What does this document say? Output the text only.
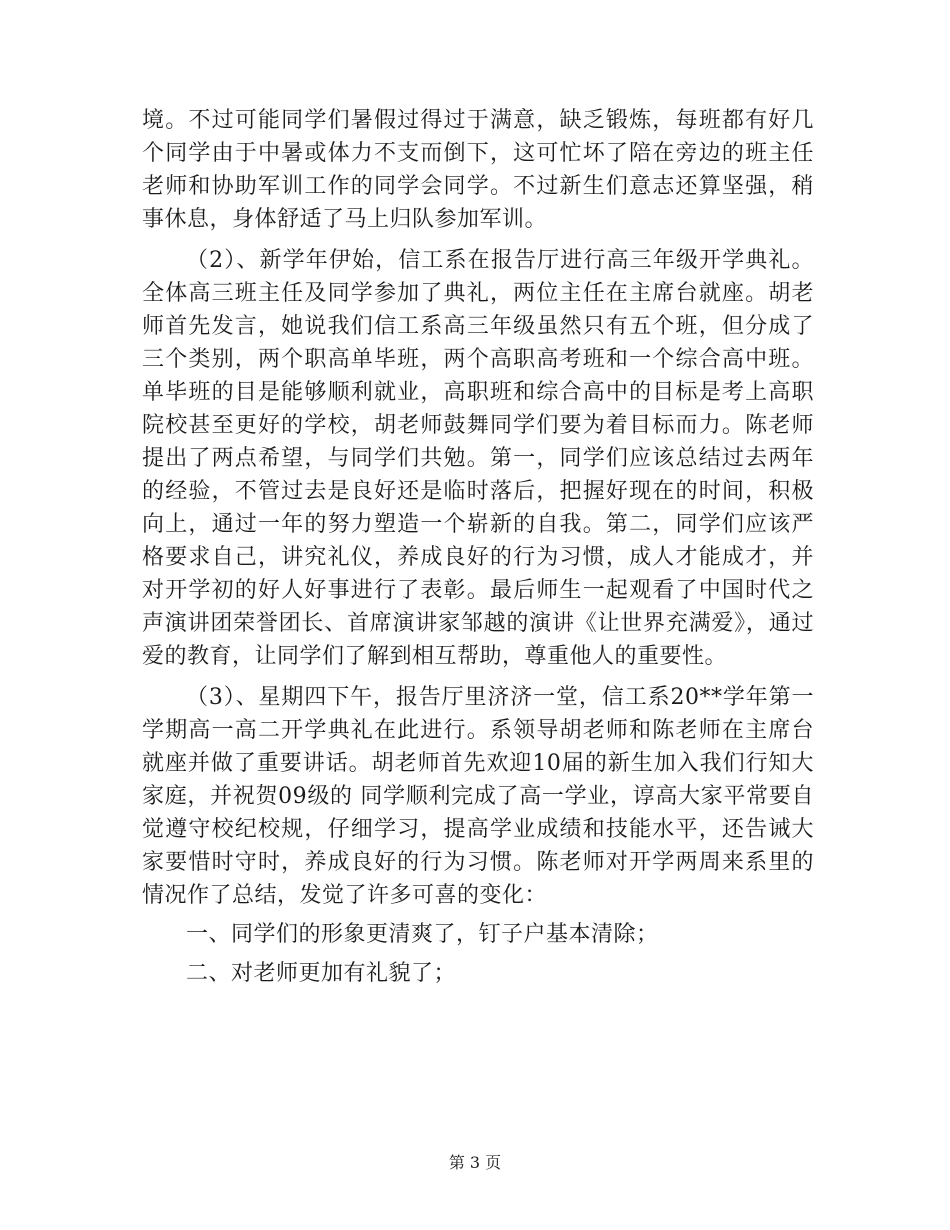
境。不过可能同学们暑假过得过于满意，缺乏锻炼，每班都有好几个同学由于中暑或体力不支而倒下，这可忙坏了陪在旁边的班主任老师和协助军训工作的同学会同学。不过新生们意志还算坚强，稍事休息，身体舒适了马上归队参加军训。

（2）、新学年伊始，信工系在报告厅进行高三年级开学典礼。全体高三班主任及同学参加了典礼，两位主任在主席台就座。胡老师首先发言，她说我们信工系高三年级虽然只有五个班，但分成了三个类别，两个职高单毕班，两个高职高考班和一个综合高中班。单毕班的目是能够顺利就业，高职班和综合高中的目标是考上高职院校甚至更好的学校，胡老师鼓舞同学们要为着目标而力。陈老师提出了两点希望，与同学们共勉。第一，同学们应该总结过去两年的经验，不管过去是良好还是临时落后，把握好现在的时间，积极向上，通过一年的努力塑造一个崭新的自我。第二，同学们应该严格要求自己，讲究礼仪，养成良好的行为习惯，成人才能成才，并对开学初的好人好事进行了表彰。最后师生一起观看了中国时代之声演讲团荣誉团长、首席演讲家邹越的演讲《让世界充满爱》，通过爱的教育，让同学们了解到相互帮助，尊重他人的重要性。

（3）、星期四下午，报告厅里济济一堂，信工系20**学年第一学期高一高二开学典礼在此进行。系领导胡老师和陈老师在主席台就座并做了重要讲话。胡老师首先欢迎10届的新生加入我们行知大家庭，并祝贺09级的 同学顺利完成了高一学业，谆高大家平常要自觉遵守校纪校规，仔细学习，提高学业成绩和技能水平，还告诫大家要惜时守时，养成良好的行为习惯。陈老师对开学两周来系里的情况作了总结，发觉了许多可喜的变化：

一、同学们的形象更清爽了，钉子户基本清除；

二、对老师更加有礼貌了；

第 3 页
